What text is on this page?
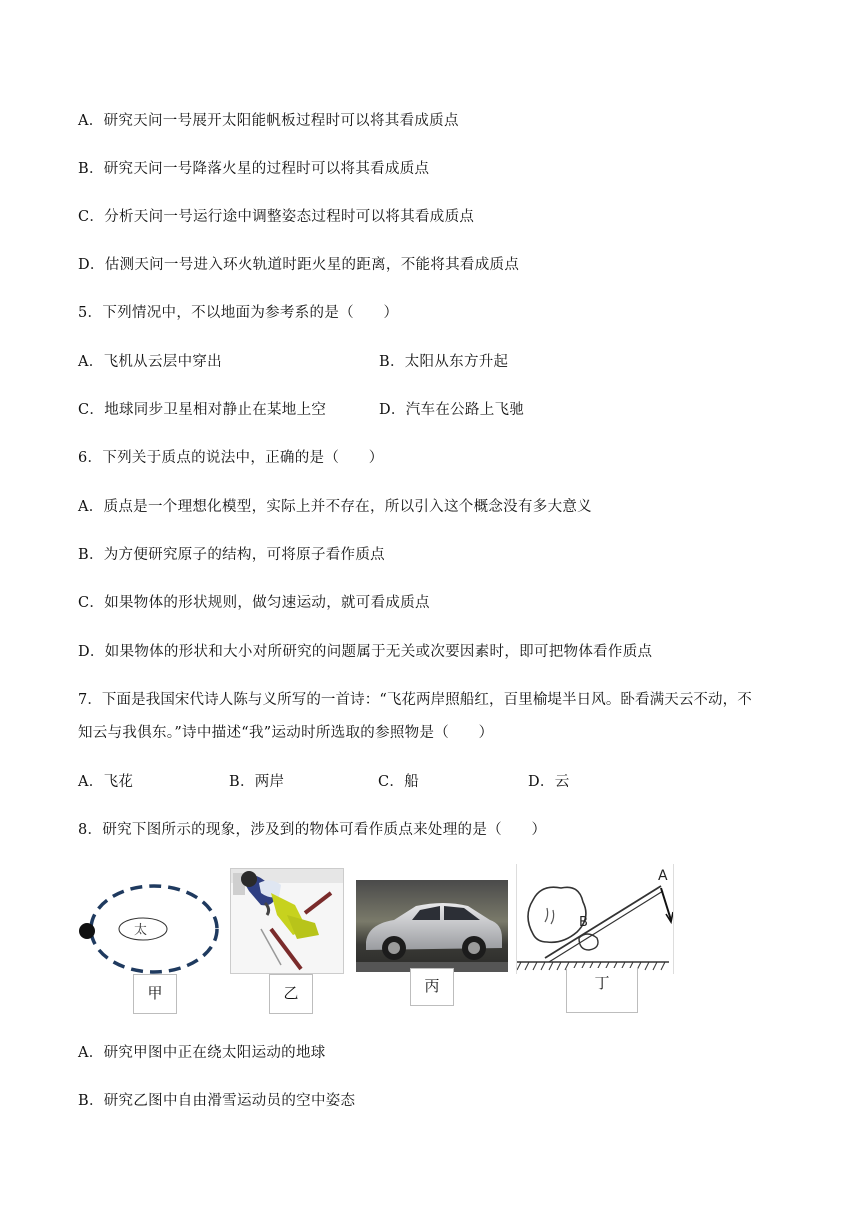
A．研究天问一号展开太阳能帆板过程时可以将其看成质点
B．研究天问一号降落火星的过程时可以将其看成质点
C．分析天问一号运行途中调整姿态过程时可以将其看成质点
D．估测天问一号进入环火轨道时距火星的距离，不能将其看成质点
5．下列情况中，不以地面为参考系的是（　　）
A．飞机从云层中穿出	B．太阳从东方升起
C．地球同步卫星相对静止在某地上空	D．汽车在公路上飞驰
6．下列关于质点的说法中，正确的是（　　）
A．质点是一个理想化模型，实际上并不存在，所以引入这个概念没有多大意义
B．为方便研究原子的结构，可将原子看作质点
C．如果物体的形状规则，做匀速运动，就可看成质点
D．如果物体的形状和大小对所研究的问题属于无关或次要因素时，即可把物体看作质点
7．下面是我国宋代诗人陈与义所写的一首诗：“飞花两岸照船红，百里榆堤半日风。卧看满天云不动，不
知云与我俱东。”诗中描述“我”运动时所选取的参照物是（　　）
A．飞花	B．两岸	C．船	D．云
8．研究下图所示的现象，涉及到的物体可看作质点来处理的是（　　）
太
甲	乙	丙
A
B
丁
A．研究甲图中正在绕太阳运动的地球
B．研究乙图中自由滑雪运动员的空中姿态
